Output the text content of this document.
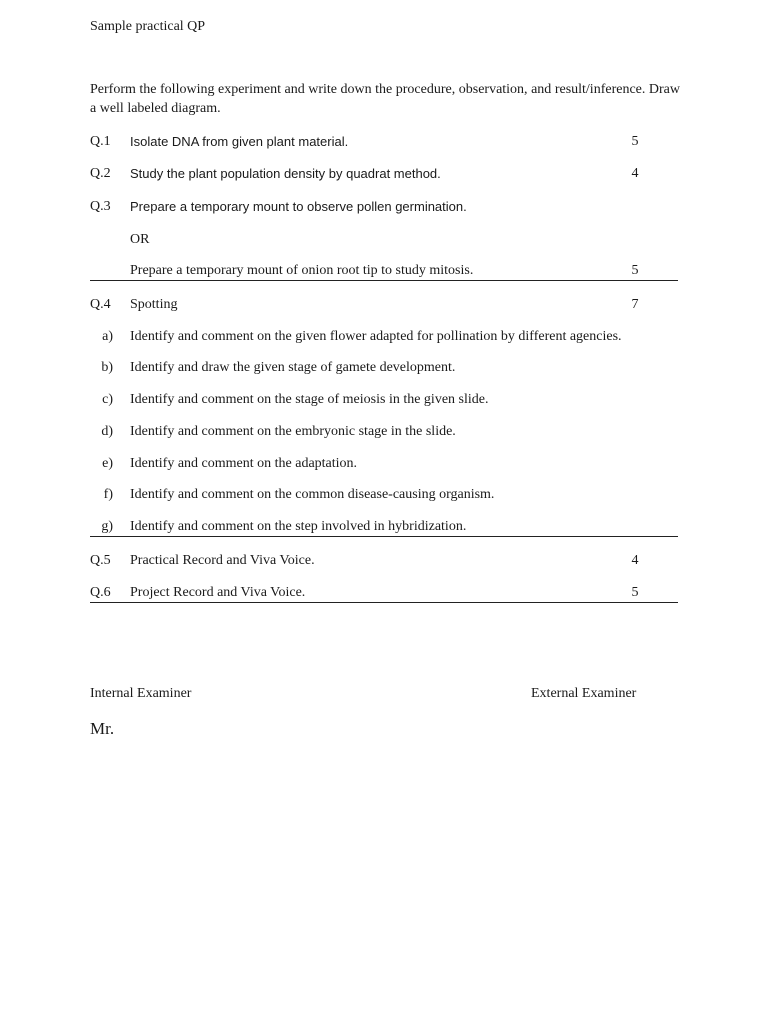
Sample practical QP
Perform the following experiment and write down the procedure, observation, and result/inference. Draw a well labeled diagram.
Q.1 Isolate DNA from given plant material.	5
Q.2 Study the plant population density by quadrat method.	4
Q.3 Prepare a temporary mount to observe pollen germination.
OR
Prepare a temporary mount of onion root tip to study mitosis.	5
Q.4 Spotting	7
a) Identify and comment on the given flower adapted for pollination by different agencies.
b) Identify and draw the given stage of gamete development.
c) Identify and comment on the stage of meiosis in the given slide.
d) Identify and comment on the embryonic stage in the slide.
e) Identify and comment on the adaptation.
f) Identify and comment on the common disease-causing organism.
g) Identify and comment on the step involved in hybridization.
Q.5 Practical Record and Viva Voice.	4
Q.6 Project Record and Viva Voice.	5
Internal Examiner	External Examiner
Mr.
